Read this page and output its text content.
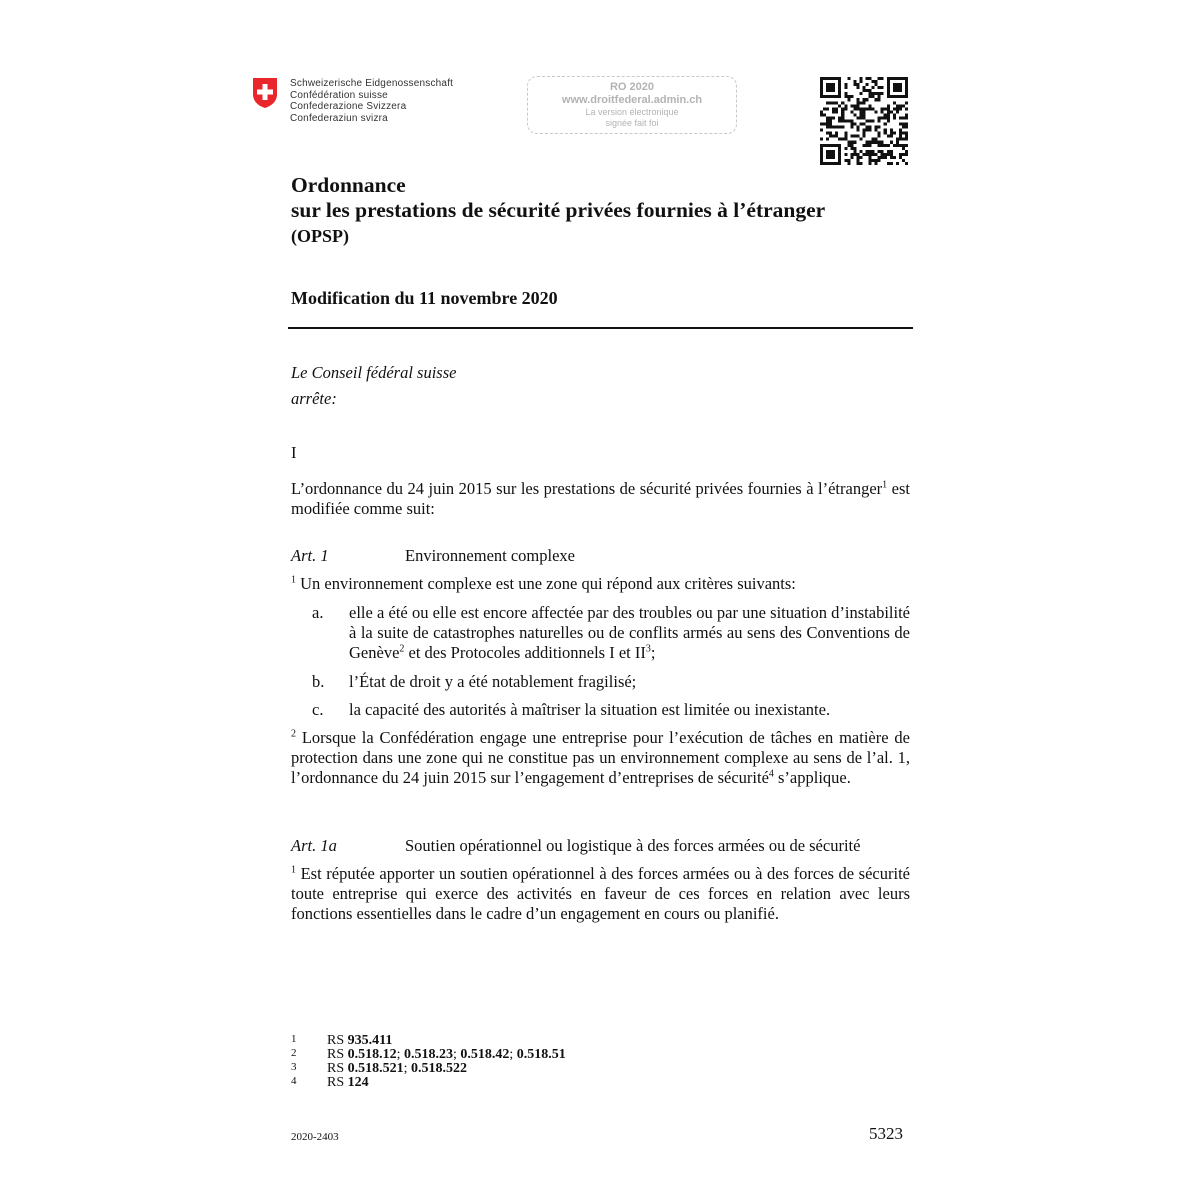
Schweizerische Eidgenossenschaft
Confédération suisse
Confederazione Svizzera
Confederaziun svizra
RO 2020
www.droitfederal.admin.ch
La version électronique
signée fait foi
Ordonnance
sur les prestations de sécurité privées fournies à l’étranger
(OPSP)
Modification du 11 novembre 2020
Le Conseil fédéral suisse
arrête:
I
L’ordonnance du 24 juin 2015 sur les prestations de sécurité privées fournies à l’étranger$^1$ est modifiée comme suit:
Art. 1	Environnement complexe
$^1$ Un environnement complexe est une zone qui répond aux critères suivants:
a. elle a été ou elle est encore affectée par des troubles ou par une situation d’instabilité à la suite de catastrophes naturelles ou de conflits armés au sens des Conventions de Genève$^2$ et des Protocoles additionnels I et $II^3$;
b. l’État de droit y a été notablement fragilisé;
c. la capacité des autorités à maîtriser la situation est limitée ou inexistante.
$^2$ Lorsque la Confédération engage une entreprise pour l’exécution de tâches en matière de protection dans une zone qui ne constitue pas un environnement complexe au sens de l’al. 1, l’ordonnance du 24 juin 2015 sur l’engagement d’entreprises de sécurité$^4$ s’applique.
Art. 1a	Soutien opérationnel ou logistique à des forces armées ou de sécurité
$^1$ Est réputée apporter un soutien opérationnel à des forces armées ou à des forces de sécurité toute entreprise qui exerce des activités en faveur de ces forces en relation avec leurs fonctions essentielles dans le cadre d’un engagement en cours ou planifié.
1 RS 935.411
2 RS 0.518.12; 0.518.23; 0.518.42; 0.518.51
3 RS 0.518.521; 0.518.522
4 RS 124
2020-2403	5323
